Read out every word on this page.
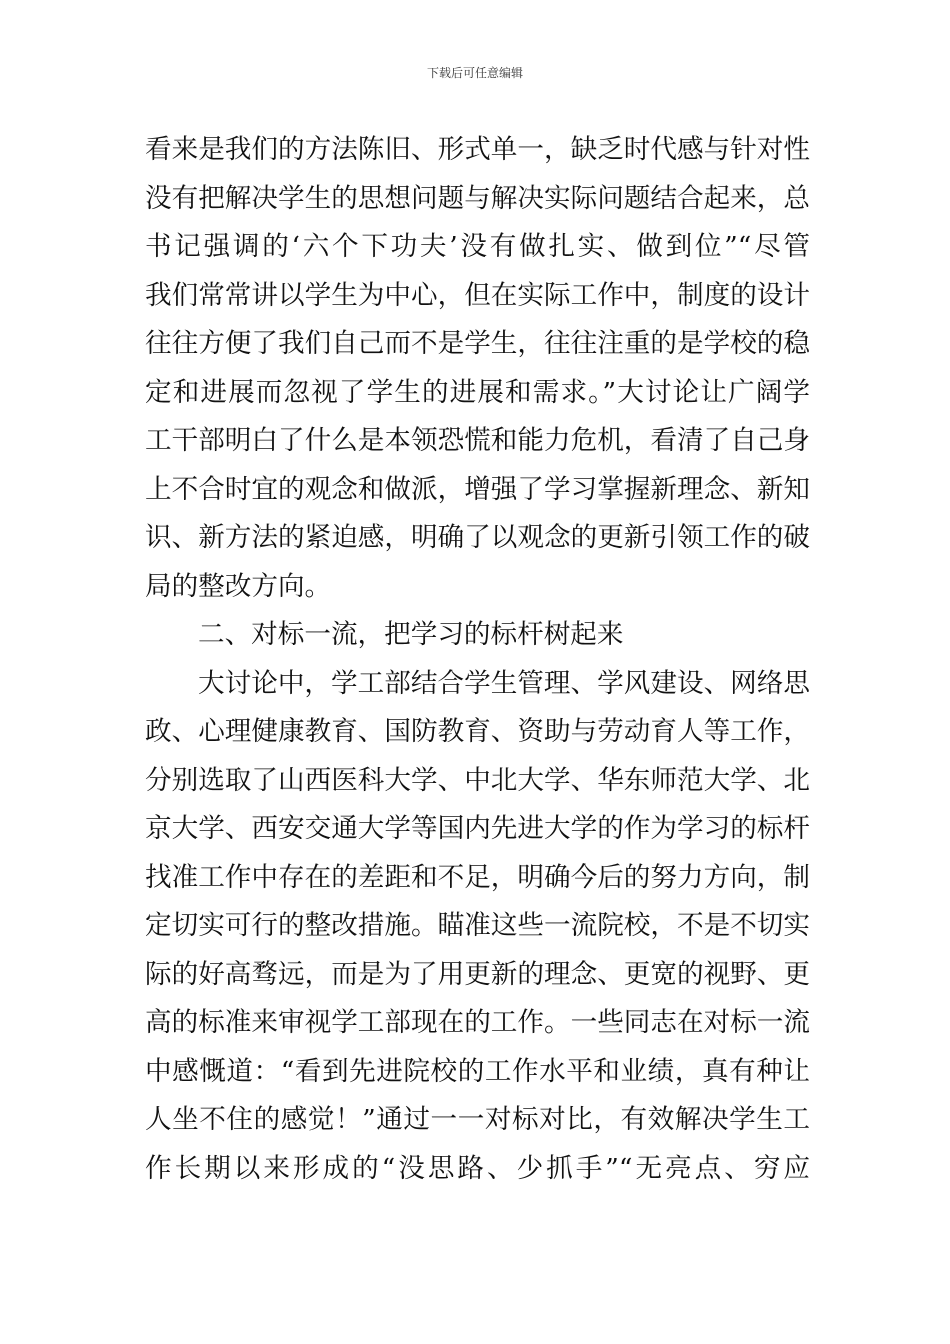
下载后可任意编辑
看来是我们的方法陈旧、形式单一，缺乏时代感与针对性
没有把解决学生的思想问题与解决实际问题结合起来，总
书记强调的‘六个下功夫’没有做扎实、做到位”“尽管
我们常常讲以学生为中心，但在实际工作中，制度的设计
往往方便了我们自己而不是学生，往往注重的是学校的稳
定和进展而忽视了学生的进展和需求。”大讨论让广阔学
工干部明白了什么是本领恐慌和能力危机，看清了自己身
上不合时宜的观念和做派，增强了学习掌握新理念、新知
识、新方法的紧迫感，明确了以观念的更新引领工作的破
局的整改方向。
二、对标一流，把学习的标杆树起来
大讨论中，学工部结合学生管理、学风建设、网络思
政、心理健康教育、国防教育、资助与劳动育人等工作，
分别选取了山西医科大学、中北大学、华东师范大学、北
京大学、西安交通大学等国内先进大学的作为学习的标杆
找准工作中存在的差距和不足，明确今后的努力方向，制
定切实可行的整改措施。瞄准这些一流院校，不是不切实
际的好高骛远，而是为了用更新的理念、更宽的视野、更
高的标准来审视学工部现在的工作。一些同志在对标一流
中感慨道：“看到先进院校的工作水平和业绩，真有种让
人坐不住的感觉！”通过一一对标对比，有效解决学生工
作长期以来形成的“没思路、少抓手”“无亮点、穷应
